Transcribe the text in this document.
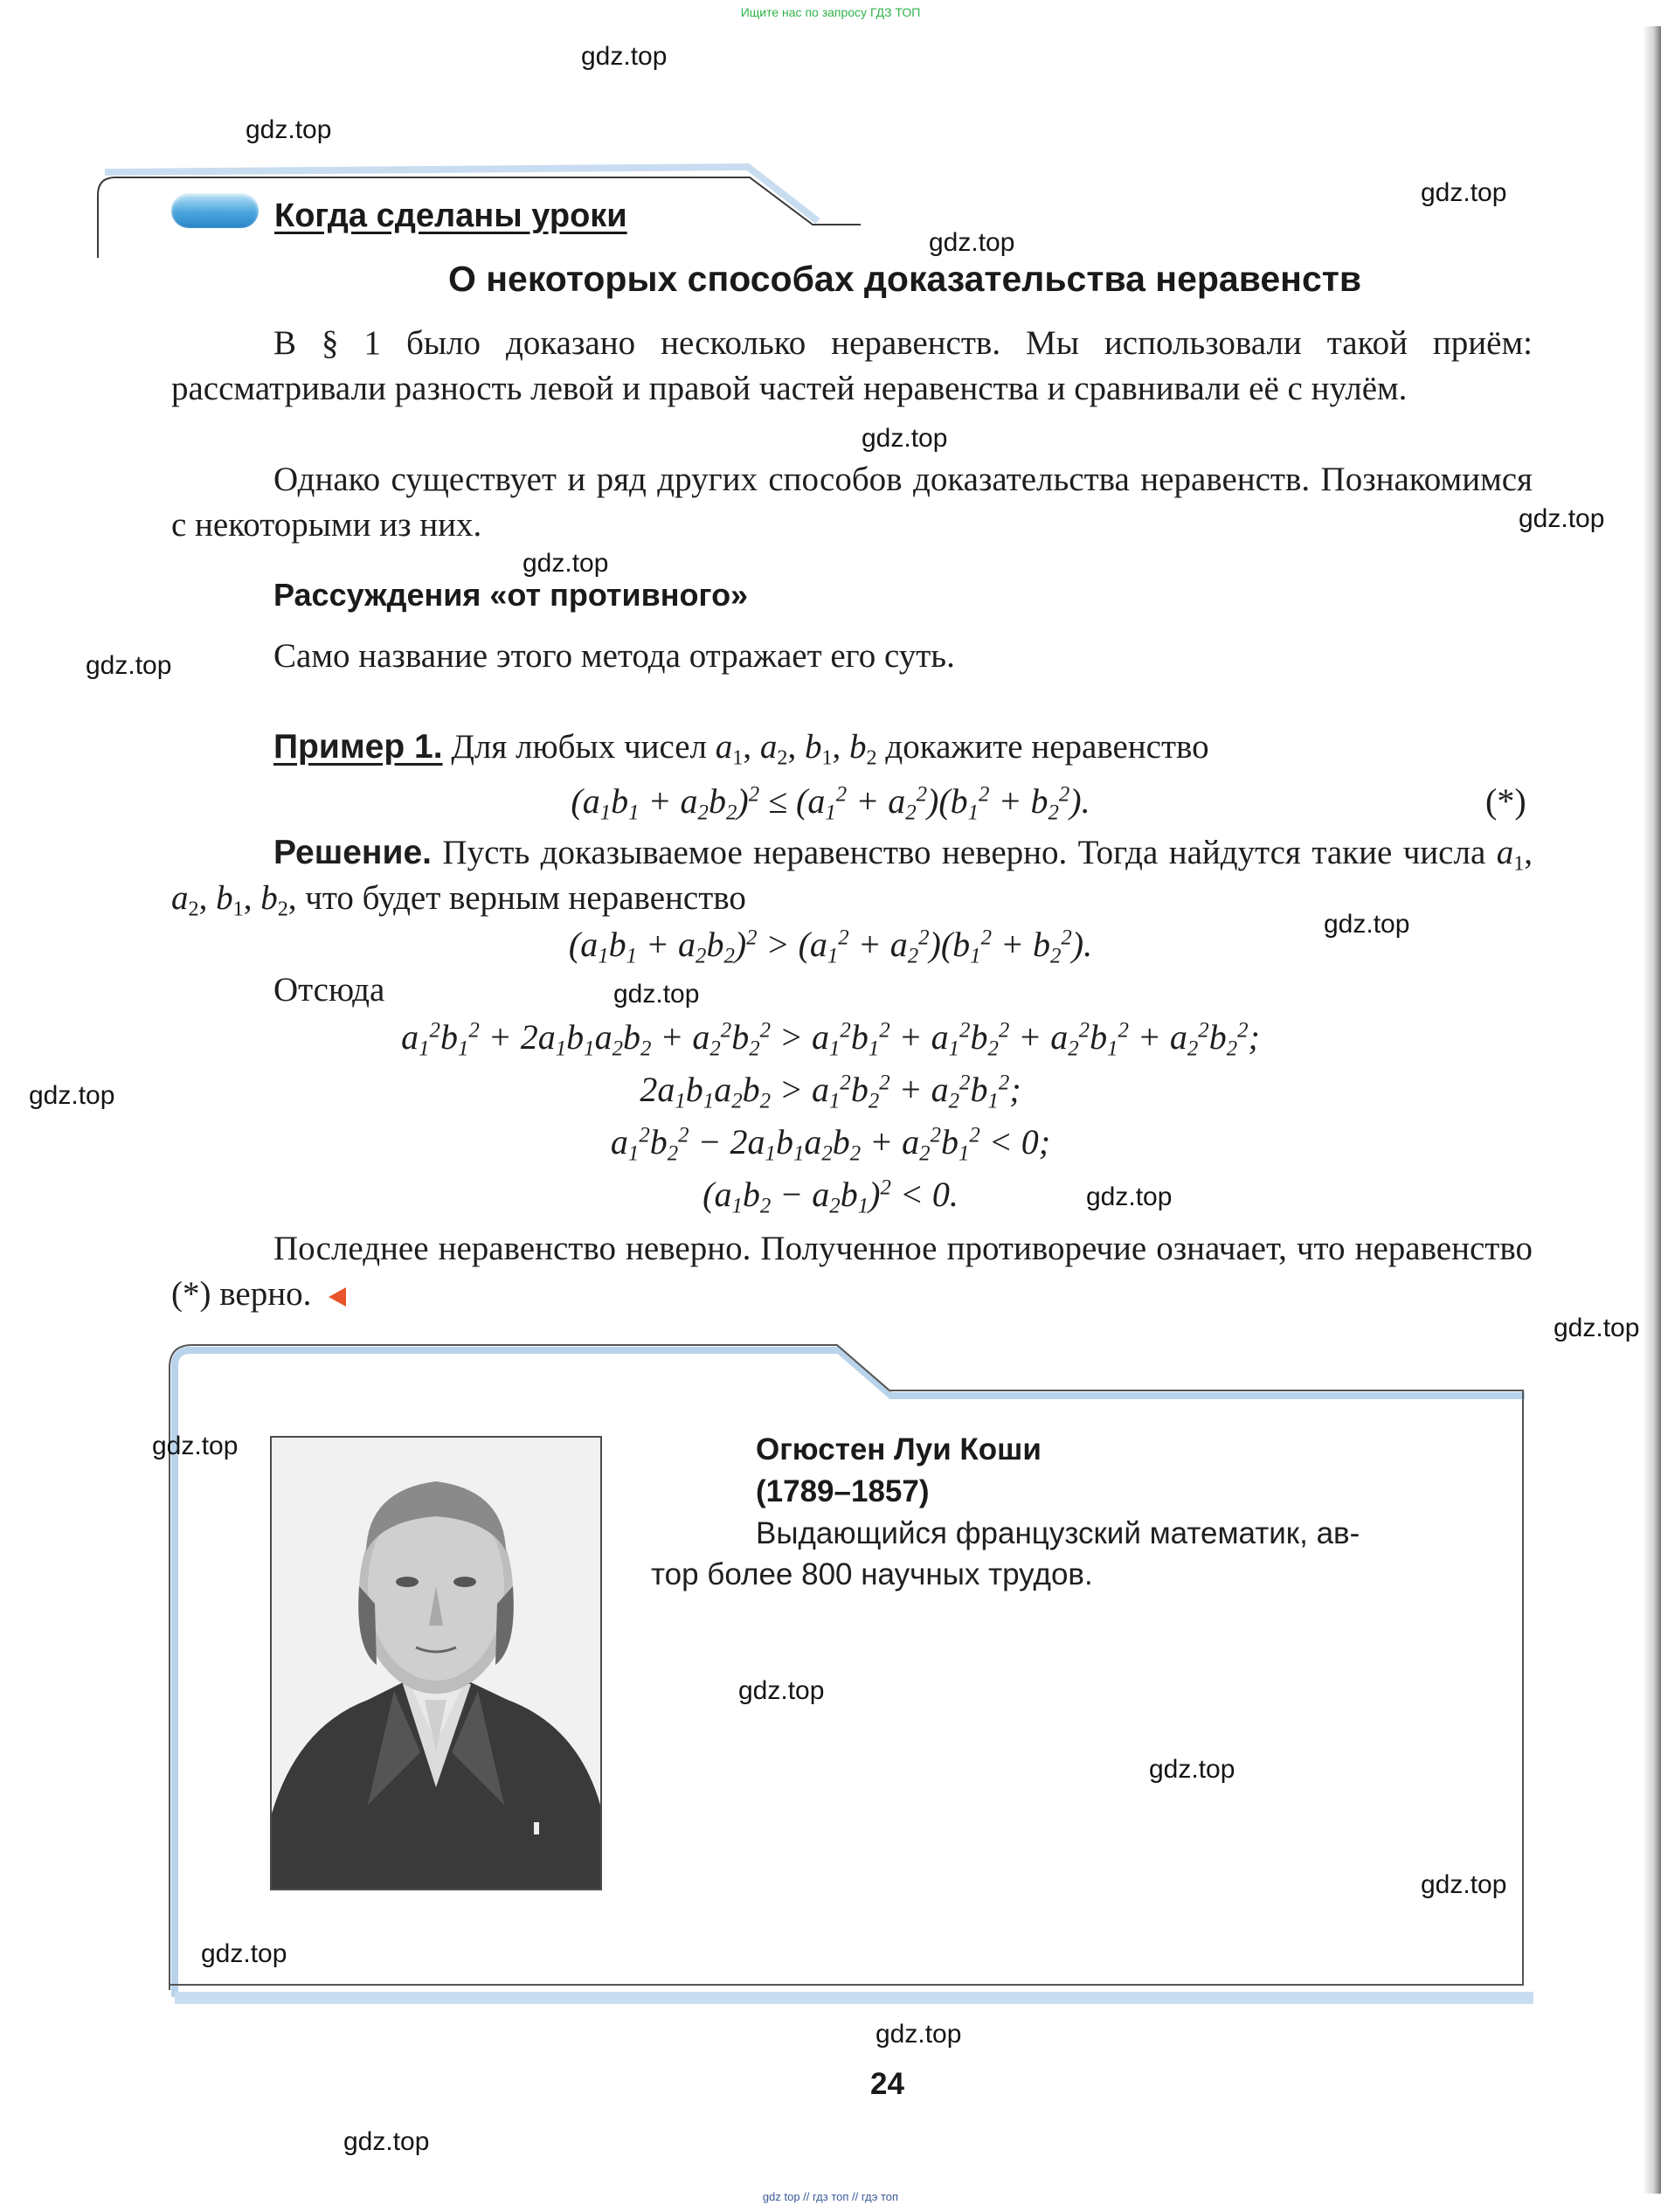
Ищите нас по запросу ГДЗ ТОП
Когда сделаны уроки
О некоторых способах доказательства неравенств
В § 1 было доказано несколько неравенств. Мы использовали такой приём: рассматривали разность левой и правой частей неравенства и сравнивали её с нулём.
Однако существует и ряд других способов доказательства неравенств. Познакомимся с некоторыми из них.
Рассуждения «от противного»
Само название этого метода отражает его суть.
Пример 1. Для любых чисел $a_1$, $a_2$, $b_1$, $b_2$ докажите неравенство
$(a_1b_1 + a_2b_2)^2 \le (a_1^2 + a_2^2)(b_1^2 + b_2^2)$.	(*)
Решение. Пусть доказываемое неравенство неверно. Тогда найдутся такие числа $a_1$, $a_2$, $b_1$, $b_2$, что будет верным неравенство
$(a_1b_1 + a_2b_2)^2 > (a_1^2 + a_2^2)(b_1^2 + b_2^2)$.
Отсюда
$a_1^2b_1^2 + 2a_1b_1a_2b_2 + a_2^2b_2^2 > a_1^2b_1^2 + a_1^2b_2^2 + a_2^2b_1^2 + a_2^2b_2^2$;
$2a_1b_1a_2b_2 > a_1^2b_2^2 + a_2^2b_1^2$;
$a_1^2b_2^2 - 2a_1b_1a_2b_2 + a_2^2b_1^2 < 0$;
$(a_1b_2 - a_2b_1)^2 < 0$.
Последнее неравенство неверно. Полученное противоречие означает, что неравенство (*) верно.
Огюстен Луи Коши
(1789–1857)
Выдающийся французский математик, ав-
тор более 800 научных трудов.
24
gdz.top
gdz.top
gdz.top
gdz.top
gdz.top
gdz.top
gdz.top
gdz.top
gdz.top
gdz.top
gdz.top
gdz.top
gdz.top
gdz.top
gdz.top
gdz.top
gdz.top
gdz.top
gdz.top
gdz.top
gdz top // гдз топ // гдэ топ
